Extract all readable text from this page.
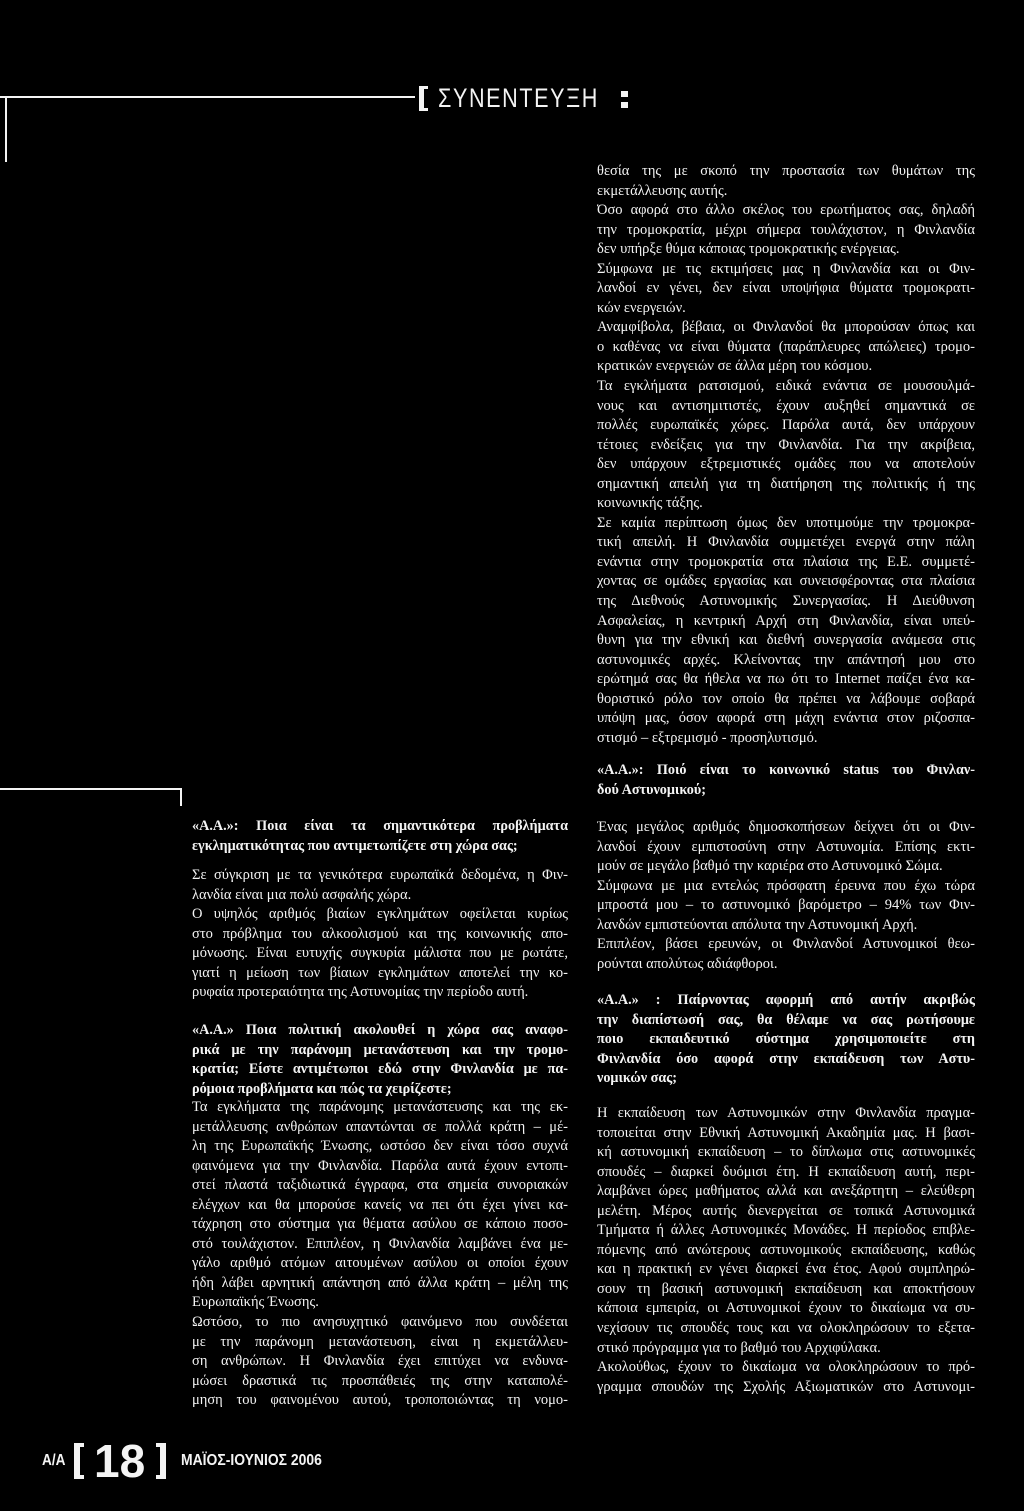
ΣΥΝΕΝΤΕΥΞΗ
θεσία της με σκοπό την προστασία των θυμάτων της
εκμετάλλευσης αυτής.
Όσο αφορά στο άλλο σκέλος του ερωτήματος σας, δηλαδή
την τρομοκρατία, μέχρι σήμερα τουλάχιστον, η Φινλανδία
δεν υπήρξε θύμα κάποιας τρομοκρατικής ενέργειας.
Σύμφωνα με τις εκτιμήσεις μας η Φινλανδία και οι Φιν-
λανδοί εν γένει, δεν είναι υποψήφια θύματα τρομοκρατι-
κών ενεργειών.
Αναμφίβολα, βέβαια, οι Φινλανδοί θα μπορούσαν όπως και
ο καθένας να είναι θύματα (παράπλευρες απώλειες) τρομο-
κρατικών ενεργειών σε άλλα μέρη του κόσμου.
Τα εγκλήματα ρατσισμού, ειδικά ενάντια σε μουσουλμά-
νους και αντισημιτιστές, έχουν αυξηθεί σημαντικά σε
πολλές ευρωπαϊκές χώρες. Παρόλα αυτά, δεν υπάρχουν
τέτοιες ενδείξεις για την Φινλανδία. Για την ακρίβεια,
δεν υπάρχουν εξτρεμιστικές ομάδες που να αποτελούν
σημαντική απειλή για τη διατήρηση της πολιτικής ή της
κοινωνικής τάξης.
Σε καμία περίπτωση όμως δεν υποτιμούμε την τρομοκρα-
τική απειλή. Η Φινλανδία συμμετέχει ενεργά στην πάλη
ενάντια στην τρομοκρατία στα πλαίσια της Ε.Ε. συμμετέ-
χοντας σε ομάδες εργασίας και συνεισφέροντας στα πλαίσια
της Διεθνούς Αστυνομικής Συνεργασίας. Η Διεύθυνση
Ασφαλείας, η κεντρική Αρχή στη Φινλανδία, είναι υπεύ-
θυνη για την εθνική και διεθνή συνεργασία ανάμεσα στις
αστυνομικές αρχές. Κλείνοντας την απάντησή μου στο
ερώτημά σας θα ήθελα να πω ότι το Internet παίζει ένα κα-
θοριστικό ρόλο τον οποίο θα πρέπει να λάβουμε σοβαρά
υπόψη μας, όσον αφορά στη μάχη ενάντια στον ριζοσπα-
στισμό – εξτρεμισμό - προσηλυτισμό.
«Α.Α.»: Ποιό είναι το κοινωνικό status του Φινλαν-
δού Αστυνομικού;
Ένας μεγάλος αριθμός δημοσκοπήσεων δείχνει ότι οι Φιν-
λανδοί έχουν εμπιστοσύνη στην Αστυνομία. Επίσης εκτι-
μούν σε μεγάλο βαθμό την καριέρα στο Αστυνομικό Σώμα.
Σύμφωνα με μια εντελώς πρόσφατη έρευνα που έχω τώρα
μπροστά μου – το αστυνομικό βαρόμετρο – 94% των Φιν-
λανδών εμπιστεύονται απόλυτα την Αστυνομική Αρχή.
Επιπλέον, βάσει ερευνών, οι Φινλανδοί Αστυνομικοί θεω-
ρούνται απολύτως αδιάφθοροι.
«Α.Α.» : Παίρνοντας αφορμή από αυτήν ακριβώς
την διαπίστωσή σας, θα θέλαμε να σας ρωτήσουμε
ποιο εκπαιδευτικό σύστημα χρησιμοποιείτε στη
Φινλανδία όσο αφορά στην εκπαίδευση των Αστυ-
νομικών σας;
Η εκπαίδευση των Αστυνομικών στην Φινλανδία πραγμα-
τοποιείται στην Εθνική Αστυνομική Ακαδημία μας. Η βασι-
κή αστυνομική εκπαίδευση – το δίπλωμα στις αστυνομικές
σπουδές – διαρκεί δυόμισι έτη. Η εκπαίδευση αυτή, περι-
λαμβάνει ώρες μαθήματος αλλά και ανεξάρτητη – ελεύθερη
μελέτη. Μέρος αυτής διενεργείται σε τοπικά Αστυνομικά
Τμήματα ή άλλες Αστυνομικές Μονάδες. Η περίοδος επιβλε-
πόμενης από ανώτερους αστυνομικούς εκπαίδευσης, καθώς
και η πρακτική εν γένει διαρκεί ένα έτος. Αφού συμπληρώ-
σουν τη βασική αστυνομική εκπαίδευση και αποκτήσουν
κάποια εμπειρία, οι Αστυνομικοί έχουν το δικαίωμα να συ-
νεχίσουν τις σπουδές τους και να ολοκληρώσουν το εξετα-
στικό πρόγραμμα για το βαθμό του Αρχιφύλακα.
Ακολούθως, έχουν το δικαίωμα να ολοκληρώσουν το πρό-
γραμμα σπουδών της Σχολής Αξιωματικών στο Αστυνομι-
«Α.Α.»: Ποια είναι τα σημαντικότερα προβλήματα
εγκληματικότητας που αντιμετωπίζετε στη χώρα σας;
Σε σύγκριση με τα γενικότερα ευρωπαϊκά δεδομένα, η Φιν-
λανδία είναι μια πολύ ασφαλής χώρα.
Ο υψηλός αριθμός βιαίων εγκλημάτων οφείλεται κυρίως
στο πρόβλημα του αλκοολισμού και της κοινωνικής απο-
μόνωσης. Είναι ευτυχής συγκυρία μάλιστα που με ρωτάτε,
γιατί η μείωση των βίαιων εγκλημάτων αποτελεί την κο-
ρυφαία προτεραιότητα της Αστυνομίας την περίοδο αυτή.
«Α.Α.» Ποια πολιτική ακολουθεί η χώρα σας αναφο-
ρικά με την παράνομη μετανάστευση και την τρομο-
κρατία; Είστε αντιμέτωποι εδώ στην Φινλανδία με πα-
ρόμοια προβλήματα και πώς τα χειρίζεστε;
Τα εγκλήματα της παράνομης μετανάστευσης και της εκ-
μετάλλευσης ανθρώπων απαντώνται σε πολλά κράτη – μέ-
λη της Ευρωπαϊκής Ένωσης, ωστόσο δεν είναι τόσο συχνά
φαινόμενα για την Φινλανδία. Παρόλα αυτά έχουν εντοπι-
στεί πλαστά ταξιδιωτικά έγγραφα, στα σημεία συνοριακών
ελέγχων και θα μπορούσε κανείς να πει ότι έχει γίνει κα-
τάχρηση στο σύστημα για θέματα ασύλου σε κάποιο ποσο-
στό τουλάχιστον. Επιπλέον, η Φινλανδία λαμβάνει ένα με-
γάλο αριθμό ατόμων αιτουμένων ασύλου οι οποίοι έχουν
ήδη λάβει αρνητική απάντηση από άλλα κράτη – μέλη της
Ευρωπαϊκής Ένωσης.
Ωστόσο, το πιο ανησυχητικό φαινόμενο που συνδέεται
με την παράνομη μετανάστευση, είναι η εκμετάλλευ-
ση ανθρώπων. Η Φινλανδία έχει επιτύχει να ενδυνα-
μώσει δραστικά τις προσπάθειές της στην καταπολέ-
μηση του φαινομένου αυτού, τροποποιώντας τη νομο-
Α/Α 18 ΜΑΪΟΣ-ΙΟΥΝΙΟΣ 2006
